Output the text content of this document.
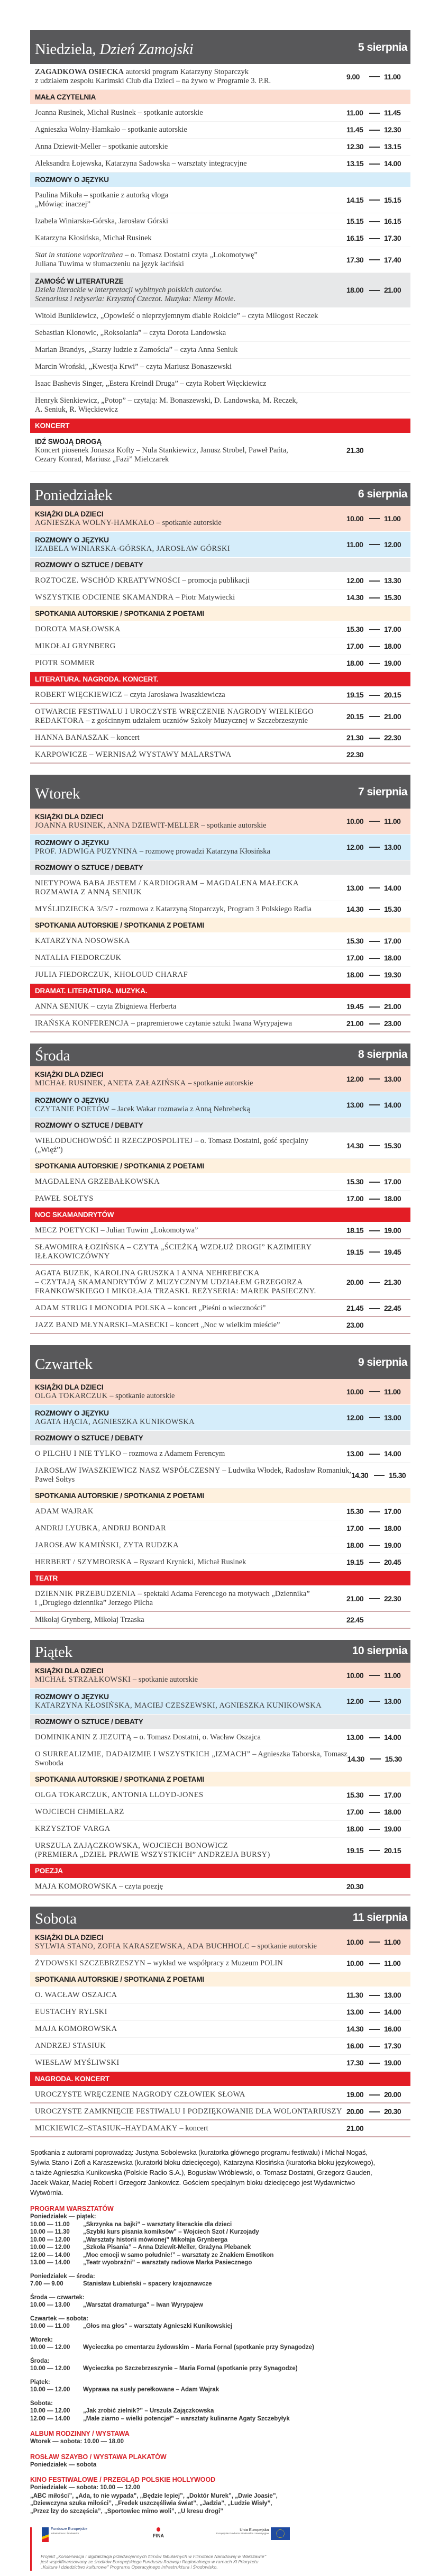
Niedziela, Dzień Zamojski	5 sierpnia
ZAGADKOWA OSIECKA autorski program Katarzyny Stoparczyk
z udziałem zespołu Karimski Club dla Dzieci – na żywo w Programie 3. P.R.
9.00	11.00
MAŁA CZYTELNIA
Joanna Rusinek, Michał Rusinek – spotkanie autorskie	11.00	11.45
Agnieszka Wolny-Hamkało – spotkanie autorskie	11.45	12.30
Anna Dziewit-Meller – spotkanie autorskie	12.30	13.15
Aleksandra Łojewska, Katarzyna Sadowska – warsztaty integracyjne	13.15	14.00
ROZMOWY O JĘZYKU
Paulina Mikuła – spotkanie z autorką vloga
„Mówiąc inaczej”
14.15	15.15
Izabela Winiarska-Górska, Jarosław Górski	15.15	16.15
Katarzyna Kłosińska, Michał Rusinek	16.15	17.30
Stat in statione vaporitrahea – o. Tomasz Dostatni czyta „Lokomotywę”
Juliana Tuwima w tłumaczeniu na język łaciński
17.30	17.40
ZAMOŚĆ W LITERATURZE
Dzieła literackie w interpretacji wybitnych polskich autorów.
Scenariusz i reżyseria: Krzysztof Czeczot. Muzyka: Niemy Movie.
18.00	21.00
Witold Bunikiewicz, „Opowieść o nieprzyjemnym diable Rokicie” – czyta Miłogost Reczek
Sebastian Klonowic, „Roksolania” – czyta Dorota Landowska
Marian Brandys, „Starzy ludzie z Zamościa” – czyta Anna Seniuk
Marcin Wroński, „Kwestja Krwi” – czyta Mariusz Bonaszewski
Isaac Bashevis Singer, „Estera Kreindł Druga” – czyta Robert Więckiewicz
Henryk Sienkiewicz, „Potop” – czytają: M. Bonaszewski, D. Landowska, M. Reczek,
A. Seniuk, R. Więckiewicz
KONCERT
IDŹ SWOJĄ DROGĄ
Koncert piosenek Jonasza Kofty – Nula Stankiewicz, Janusz Strobel, Paweł Pańta,
Cezary Konrad, Mariusz „Fazi” Mielczarek
21.30
Poniedziałek	6 sierpnia
KSIĄŻKI DLA DZIECI
AGNIESZKA WOLNY-HAMKAŁO – spotkanie autorskie
10.00	11.00
ROZMOWY O JĘZYKU
IZABELA WINIARSKA-GÓRSKA, JAROSŁAW GÓRSKI
11.00	12.00
ROZMOWY O SZTUCE / DEBATY
ROZTOCZE. WSCHÓD KREATYWNOŚCI – promocja publikacji	12.00	13.30
WSZYSTKIE ODCIENIE SKAMANDRA – Piotr Matywiecki	14.30	15.30
SPOTKANIA AUTORSKIE / SPOTKANIA Z POETAMI
DOROTA MASŁOWSKA	15.30	17.00
MIKOŁAJ GRYNBERG	17.00	18.00
PIOTR SOMMER	18.00	19.00
LITERATURA. NAGRODA. KONCERT.
ROBERT WIĘCKIEWICZ – czyta Jarosława Iwaszkiewicza	19.15	20.15
OTWARCIE FESTIWALU I UROCZYSTE WRĘCZENIE NAGRODY WIELKIEGO
REDAKTORA – z gościnnym udziałem uczniów Szkoły Muzycznej w Szczebrzeszynie
20.15	21.00
HANNA BANASZAK – koncert	21.30	22.30
KARPOWICZE – WERNISAŻ WYSTAWY MALARSTWA	22.30
Wtorek	7 sierpnia
KSIĄŻKI DLA DZIECI
JOANNA RUSINEK, ANNA DZIEWIT-MELLER – spotkanie autorskie
10.00	11.00
ROZMOWY O JĘZYKU
PROF. JADWIGA PUZYNINA – rozmowę prowadzi Katarzyna Kłosińska
12.00	13.00
ROZMOWY O SZTUCE / DEBATY
NIETYPOWA BABA JESTEM / KARDIOGRAM – MAGDALENA MAŁECKA
ROZMAWIA Z ANNĄ SENIUK
13.00	14.00
MYŚLIDZIECKA 3/5/7 - rozmowa z Katarzyną Stoparczyk, Program 3 Polskiego Radia	14.30	15.30
SPOTKANIA AUTORSKIE / SPOTKANIA Z POETAMI
KATARZYNA NOSOWSKA	15.30	17.00
NATALIA FIEDORCZUK	17.00	18.00
JULIA FIEDORCZUK, KHOLOUD CHARAF	18.00	19.30
DRAMAT. LITERATURA. MUZYKA.
ANNA SENIUK – czyta Zbigniewa Herberta	19.45	21.00
IRAŃSKA KONFERENCJA – prapremierowe czytanie sztuki Iwana Wyrypajewa	21.00	23.00
Środa	8 sierpnia
KSIĄŻKI DLA DZIECI
MICHAŁ RUSINEK, ANETA ZAŁAZIŃSKA – spotkanie autorskie
12.00	13.00
ROZMOWY O JĘZYKU
CZYTANIE POETÓW – Jacek Wakar rozmawia z Anną Nehrebecką
13.00	14.00
ROZMOWY O SZTUCE / DEBATY
WIELODUCHOWOŚĆ II RZECZPOSPOLITEJ – o. Tomasz Dostatni, gość specjalny
(„Więź”)
14.30	15.30
SPOTKANIA AUTORSKIE / SPOTKANIA Z POETAMI
MAGDALENA GRZEBAŁKOWSKA	15.30	17.00
PAWEŁ SOŁTYS	17.00	18.00
NOC SKAMANDRYTÓW
MECZ POETYCKI – Julian Tuwim „Lokomotywa”	18.15	19.00
SŁAWOMIRA ŁOZIŃSKA – CZYTA „ŚCIEŻKĄ WZDŁUŻ DROGI” KAZIMIERY
IŁŁAKOWICZÓWNY
19.15	19.45
AGATA BUZEK, KAROLINA GRUSZKA I ANNA NEHREBECKA
– CZYTAJĄ SKAMANDRYTÓW Z MUZYCZNYM UDZIAŁEM GRZEGORZA
FRANKOWSKIEGO I MIKOŁAJA TRZASKI. REŻYSERIA: MAREK PASIECZNY.
20.00	21.30
ADAM STRUG I MONODIA POLSKA – koncert „Pieśni o wieczności”	21.45	22.45
JAZZ BAND MŁYNARSKI–MASECKI – koncert „Noc w wielkim mieście”	23.00
Czwartek	9 sierpnia
KSIĄŻKI DLA DZIECI
OLGA TOKARCZUK – spotkanie autorskie
10.00	11.00
ROZMOWY O JĘZYKU
AGATA HĄCIA, AGNIESZKA KUNIKOWSKA
12.00	13.00
ROZMOWY O SZTUCE / DEBATY
O PILCHU I NIE TYLKO – rozmowa z Adamem Ferencym	13.00	14.00
JAROSŁAW IWASZKIEWICZ NASZ WSPÓŁCZESNY – Ludwika Włodek, Radosław Romaniuk,
Paweł Sołtys
14.30	15.30
SPOTKANIA AUTORSKIE / SPOTKANIA Z POETAMI
ADAM WAJRAK	15.30	17.00
ANDRIJ LYUBKA, ANDRIJ BONDAR	17.00	18.00
JAROSŁAW KAMIŃSKI, ZYTA RUDZKA	18.00	19.00
HERBERT / SZYMBORSKA – Ryszard Krynicki, Michał Rusinek	19.15	20.45
TEATR
DZIENNIK PRZEBUDZENIA – spektakl Adama Ferencego na motywach „Dziennika”
i „Drugiego dziennika” Jerzego Pilcha
21.00	22.30
Mikołaj Grynberg, Mikołaj Trzaska	22.45
Piątek	10 sierpnia
KSIĄŻKI DLA DZIECI
MICHAŁ STRZAŁKOWSKI – spotkanie autorskie
10.00	11.00
ROZMOWY O JĘZYKU
KATARZYNA KŁOSIŃSKA, MACIEJ CZESZEWSKI, AGNIESZKA KUNIKOWSKA
12.00	13.00
ROZMOWY O SZTUCE / DEBATY
DOMINIKANIN Z JEZUITĄ – o. Tomasz Dostatni, o. Wacław Oszajca	13.00	14.00
O SURREALIZMIE, DADAIZMIE I WSZYSTKICH „IZMACH” – Agnieszka Taborska, Tomasz
Swoboda
14.30	15.30
SPOTKANIA AUTORSKIE / SPOTKANIA Z POETAMI
OLGA TOKARCZUK, ANTONIA LLOYD-JONES	15.30	17.00
WOJCIECH CHMIELARZ	17.00	18.00
KRZYSZTOF VARGA	18.00	19.00
URSZULA ZAJĄCZKOWSKA, WOJCIECH BONOWICZ
(PREMIERA „DZIEŁ PRAWIE WSZYSTKICH” ANDRZEJA BURSY)
19.15	20.15
POEZJA
MAJA KOMOROWSKA – czyta poezję	20.30
Sobota	11 sierpnia
KSIĄŻKI DLA DZIECI
SYLWIA STANO, ZOFIA KARASZEWSKA, ADA BUCHHOLC – spotkanie autorskie
10.00	11.00
ŻYDOWSKI SZCZEBRZESZYN – wykład we współpracy z Muzeum POLIN	10.00	11.00
SPOTKANIA AUTORSKIE / SPOTKANIA Z POETAMI
O. WACŁAW OSZAJCA	11.30	13.00
EUSTACHY RYLSKI	13.00	14.00
MAJA KOMOROWSKA	14.30	16.00
ANDRZEJ STASIUK	16.00	17.30
WIESŁAW MYŚLIWSKI	17.30	19.00
NAGRODA. KONCERT
UROCZYSTE WRĘCZENIE NAGRODY CZŁOWIEK SŁOWA	19.00	20.00
UROCZYSTE ZAMKNIĘCIE FESTIWALU I PODZIĘKOWANIE DLA WOLONTARIUSZY 20.00	20.30
MICKIEWICZ–STASIUK–HAYDAMAKY – koncert	21.00
Spotkania z autorami poprowadzą: Justyna Sobolewska (kuratorka głównego programu festiwalu) i Michał Nogaś,
Sylwia Stano i Zofi a Karaszewska (kuratorki bloku dziecięcego), Katarzyna Kłosińska (kuratorka bloku językowego),
a także Agnieszka Kunikowska (Polskie Radio S.A.), Bogusław Wróblewski, o. Tomasz Dostatni, Grzegorz Gauden,
Jacek Wakar, Maciej Robert i Grzegorz Jankowicz. Gościem specjalnym bloku dziecięcego jest Wydawnictwo
Wytwórnia.
PROGRAM WARSZTATÓW
Poniedziałek — piątek:
10.00 — 11.00	„Skrzynka na bajki” – warsztaty literackie dla dzieci
10.00 — 11.30	„Szybki kurs pisania komiksów” – Wojciech Szot / Kurzojady
10.00 — 12.00	„Warsztaty historii mówionej” Mikołaja Grynberga
10.00 — 12.00	„Szkoła Pisania” – Anna Dziewit-Meller, Grażyna Plebanek
12.00 — 14.00	„Moc emocji w samo południe!” – warsztaty ze Znakiem Emotikon
13.00 — 14.00	„Teatr wyobraźni” – warsztaty radiowe Marka Pasiecznego
Poniedziałek — środa:
7.00 — 9.00	Stanisław Łubieński – spacery krajoznawcze
Środa — czwartek:
10.00 — 13.00	„Warsztat dramaturga” – Iwan Wyrypajew
Czwartek — sobota:
10.00 — 11.00	„Głos ma głos” – warsztaty Agnieszki Kunikowskiej
Wtorek:
10.00 — 12.00	Wycieczka po cmentarzu żydowskim – Maria Fornal (spotkanie przy Synagodze)
Środa:
10.00 — 12.00	Wycieczka po Szczebrzeszynie – Maria Fornal (spotkanie przy Synagodze)
Piątek:
10.00 — 12.00	Wyprawa na susły perełkowane – Adam Wajrak
Sobota:
10.00 — 12.00	„Jak zrobić zielnik?” – Urszula Zajączkowska
12.00 — 14.00	„Małe ziarno – wielki potencjał” – warsztaty kulinarne Agaty Szczebyłyk
ALBUM RODZINNY / WYSTAWA
Wtorek — sobota: 10.00 — 18.00
ROSŁAW SZAYBO / WYSTAWA PLAKATÓW
Poniedziałek — sobota
KINO FESTIWALOWE / PRZEGLĄD POLSKIE HOLLYWOOD
Poniedziałek — sobota: 10.00 — 12.00
„ABC miłości”, „Ada, to nie wypada”, „Będzie lepiej”, „Doktór Murek”, „Dwie Joasie”,
„Dziewczyna szuka miłości”, „Fredek uszczęśliwia świat”, „Jadzia”, „Ludzie Wisły”,
„Przez łzy do szczęścia”, „Sportowiec mimo woli”, „U kresu drogi”
Fundusze Europejskie
Infrastruktura i Środowisko	FINA
Unia Europejska
Europejskie Fundusze Strukturalne i Inwestycyjne
Projekt „Konserwacja i digitalizacja przedwojennych filmów fabularnych w Filmotece Narodowej w Warszawie”
jest współfinansowany ze środków Europejskiego Funduszu Rozwoju Regionalnego w ramach XI Priorytetu
„Kultura i dziedzictwo kulturowe” Programu Operacyjnego Infrastruktura i Środowisko.
